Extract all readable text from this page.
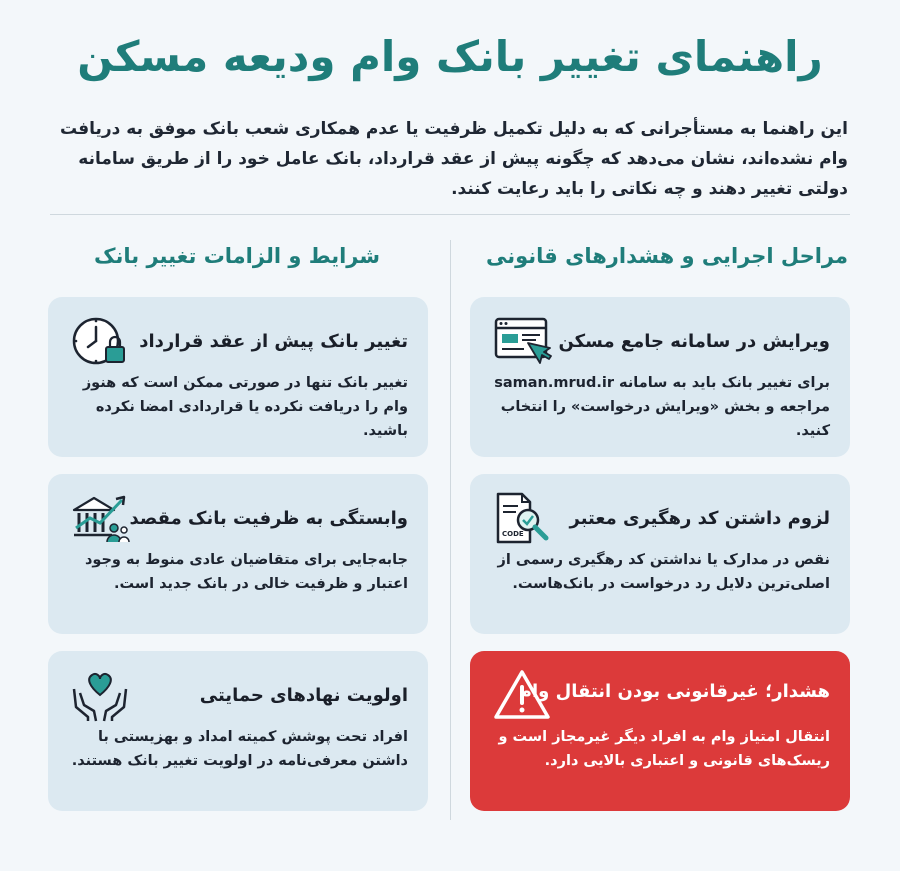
راهنمای تغییر بانک وام ودیعه مسکن
این راهنما به مستأجرانی که به دلیل تکمیل ظرفیت یا عدم همکاری شعب بانک موفق به دریافت وام نشده‌اند، نشان می‌دهد که چگونه پیش از عقد قرارداد، بانک عامل خود را از طریق سامانه دولتی تغییر دهند و چه نکاتی را باید رعایت کنند.
مراحل اجرایی و هشدارهای قانونی
شرایط و الزامات تغییر بانک
ویرایش در سامانه جامع مسکن
برای تغییر بانک باید به سامانه saman.mrud.ir مراجعه و بخش «ویرایش درخواست» را انتخاب کنید.
لزوم داشتن کد رهگیری معتبر
نقص در مدارک یا نداشتن کد رهگیری رسمی از اصلی‌ترین دلایل رد درخواست در بانک‌هاست.
CODE
هشدار؛ غیرقانونی بودن انتقال وام
انتقال امتیاز وام به افراد دیگر غیرمجاز است و ریسک‌های قانونی و اعتباری بالایی دارد.
تغییر بانک پیش از عقد قرارداد
تغییر بانک تنها در صورتی ممکن است که هنوز وام را دریافت نکرده یا قراردادی امضا نکرده باشید.
وابستگی به ظرفیت بانک مقصد
جابه‌جایی برای متقاضیان عادی منوط به وجود اعتبار و ظرفیت خالی در بانک جدید است.
اولویت نهادهای حمایتی
افراد تحت پوشش کمیته امداد و بهزیستی با داشتن معرفی‌نامه در اولویت تغییر بانک هستند.
